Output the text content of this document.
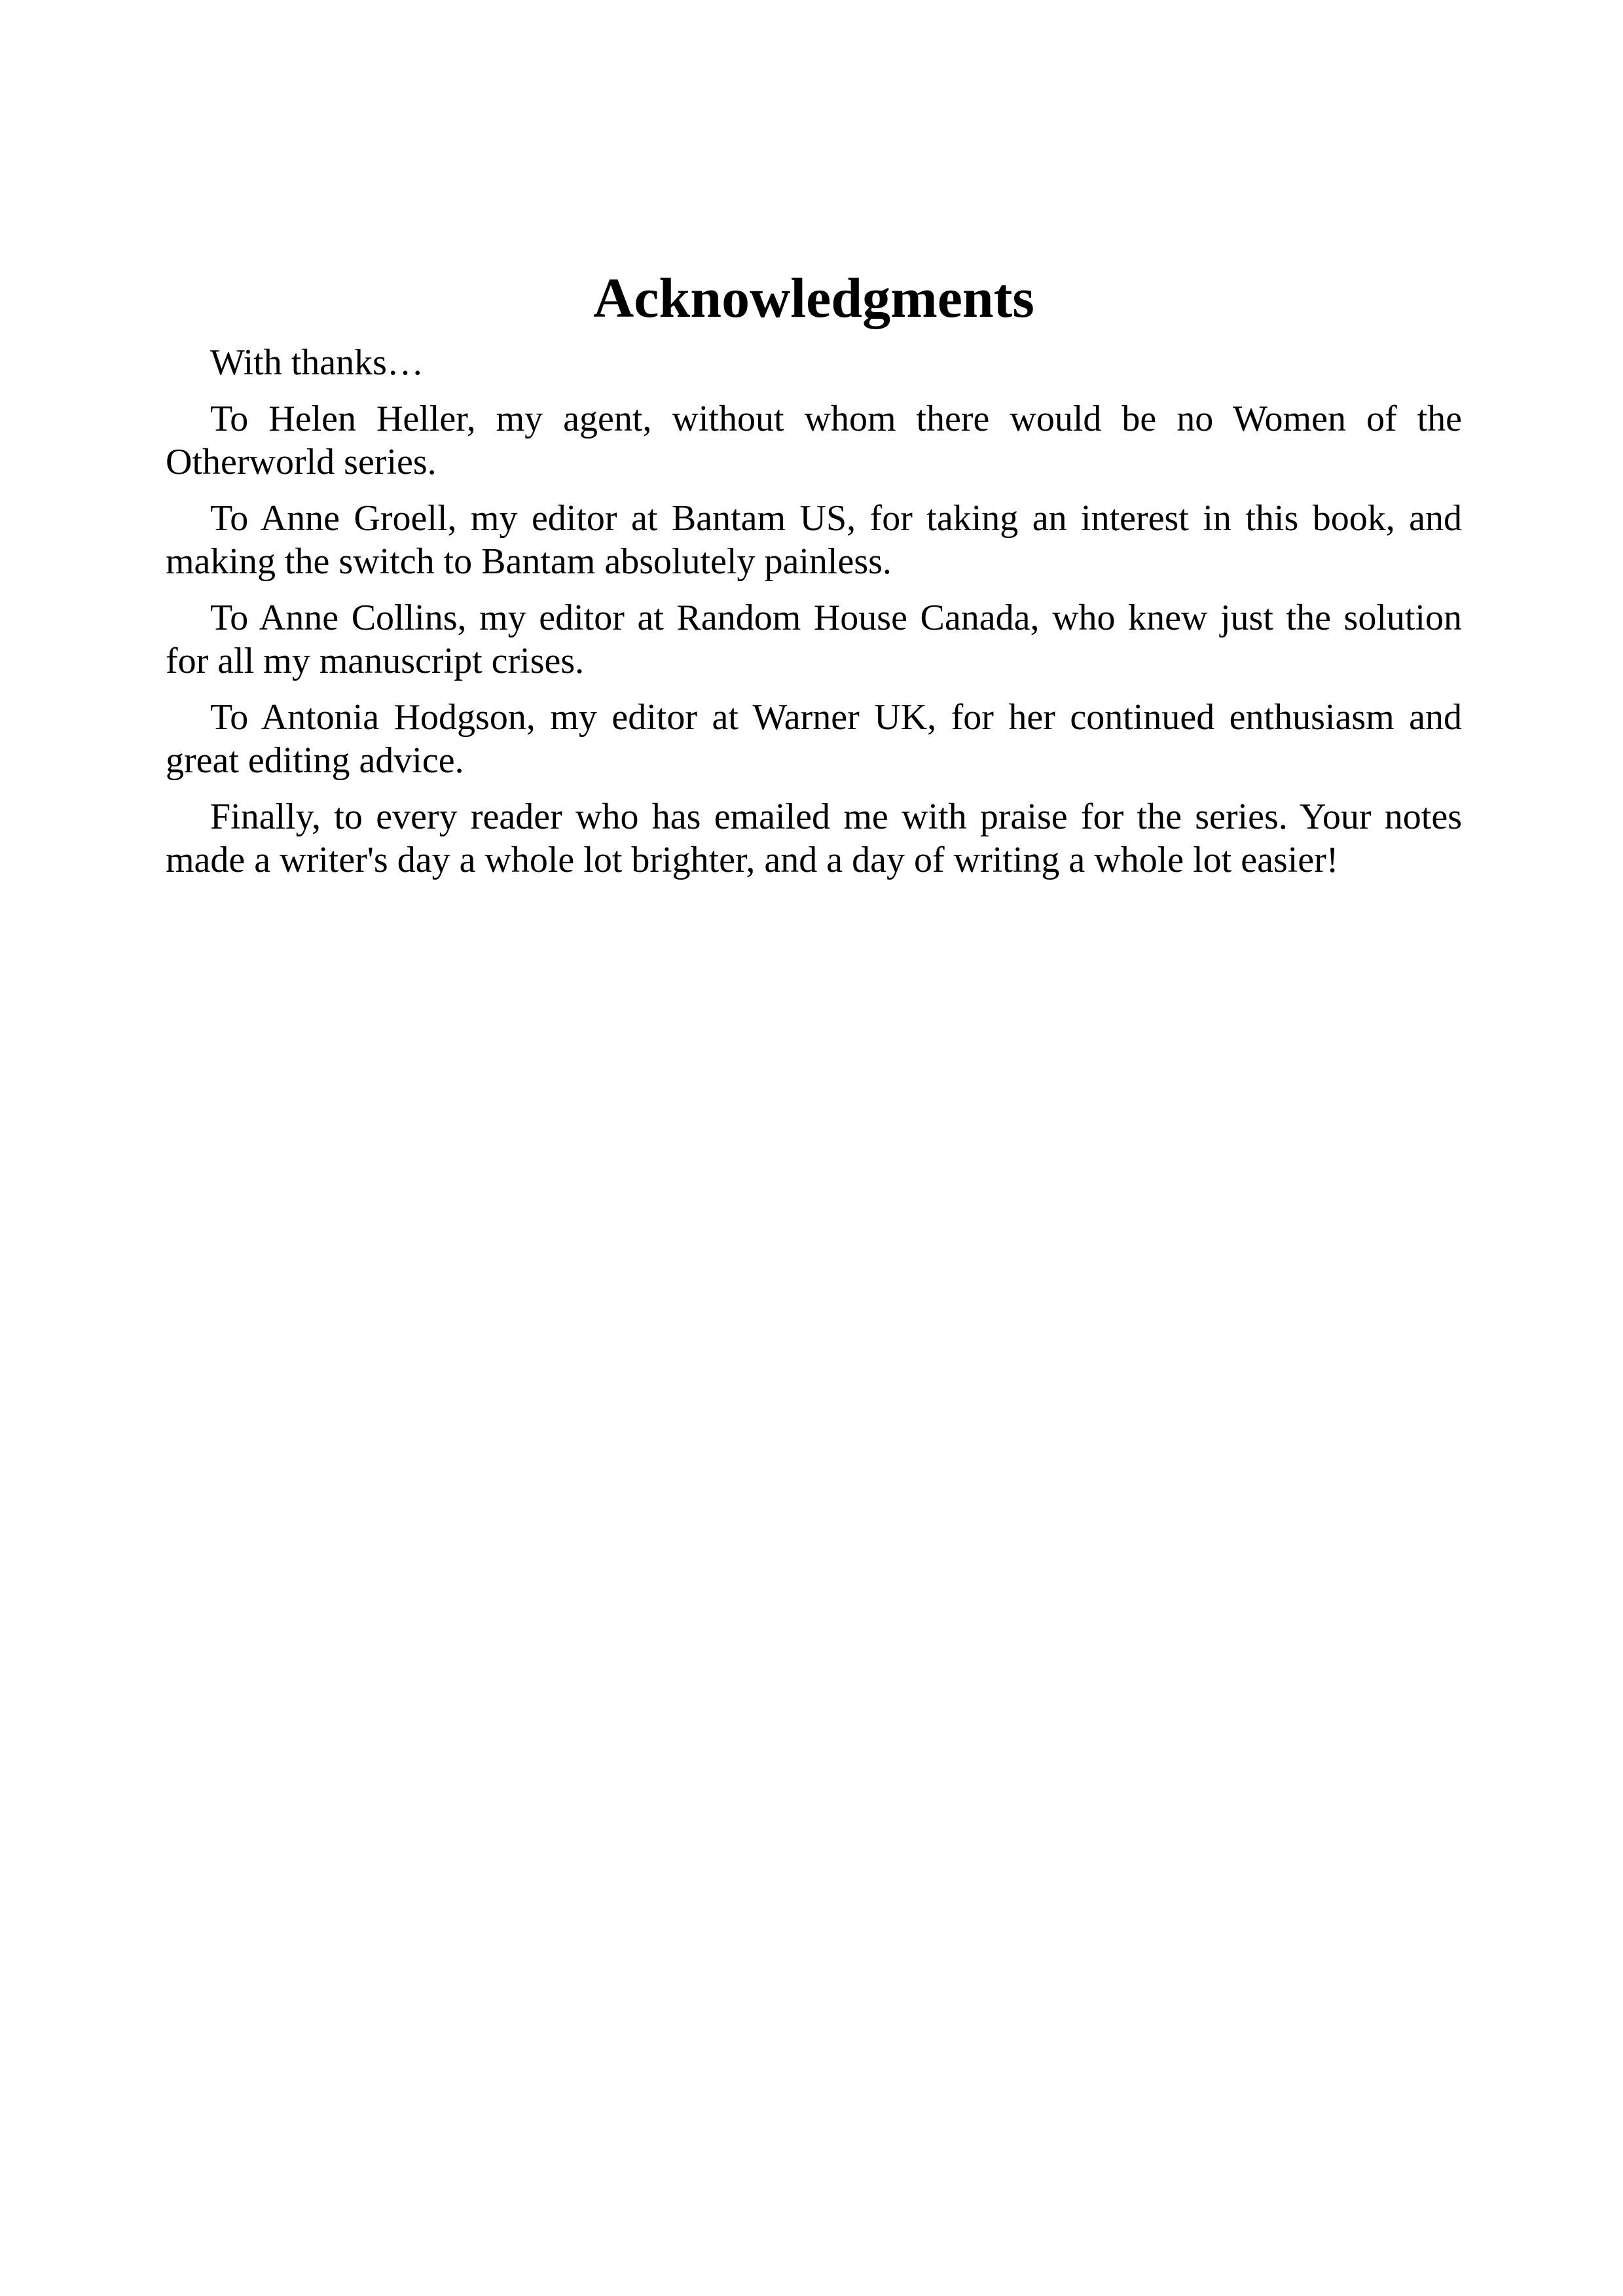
Acknowledgments

With thanks…

To Helen Heller, my agent, without whom there would be no Women of the Otherworld series.

To Anne Groell, my editor at Bantam US, for taking an interest in this book, and making the switch to Bantam absolutely painless.

To Anne Collins, my editor at Random House Canada, who knew just the solution for all my manuscript crises.

To Antonia Hodgson, my editor at Warner UK, for her continued enthusiasm and great editing advice.

Finally, to every reader who has emailed me with praise for the series. Your notes made a writer's day a whole lot brighter, and a day of writing a whole lot easier!
